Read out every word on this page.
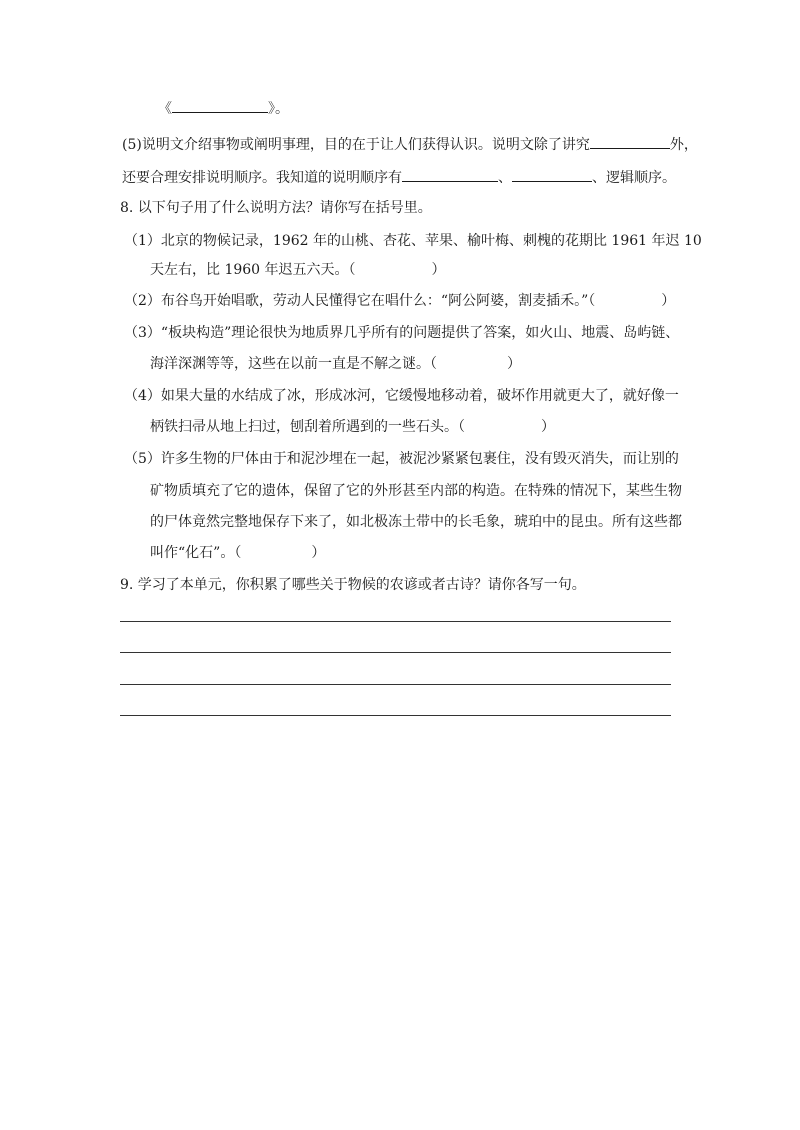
《	》。
(5)说明文介绍事物或阐明事理，目的在于让人们获得认识。说明文除了讲究	外，
还要合理安排说明顺序。我知道的说明顺序有	、	、逻辑顺序。
8. 以下句子用了什么说明方法？请你写在括号里。
（1）北京的物候记录，1962 年的山桃、杏花、苹果、榆叶梅、刺槐的花期比 1961 年迟 10
天左右，比 1960 年迟五六天。（	）
（2）布谷鸟开始唱歌，劳动人民懂得它在唱什么：“阿公阿婆，割麦插禾。”（	）
（3）“板块构造”理论很快为地质界几乎所有的问题提供了答案，如火山、地震、岛屿链、
海洋深渊等等，这些在以前一直是不解之谜。（	）
（4）如果大量的水结成了冰，形成冰河，它缓慢地移动着，破坏作用就更大了，就好像一
柄铁扫帚从地上扫过，刨刮着所遇到的一些石头。（	）
（5）许多生物的尸体由于和泥沙埋在一起，被泥沙紧紧包裹住，没有毁灭消失，而让别的
矿物质填充了它的遗体，保留了它的外形甚至内部的构造。在特殊的情况下，某些生物
的尸体竟然完整地保存下来了，如北极冻土带中的长毛象，琥珀中的昆虫。所有这些都
叫作“化石”。（	）
9. 学习了本单元，你积累了哪些关于物候的农谚或者古诗？请你各写一句。
